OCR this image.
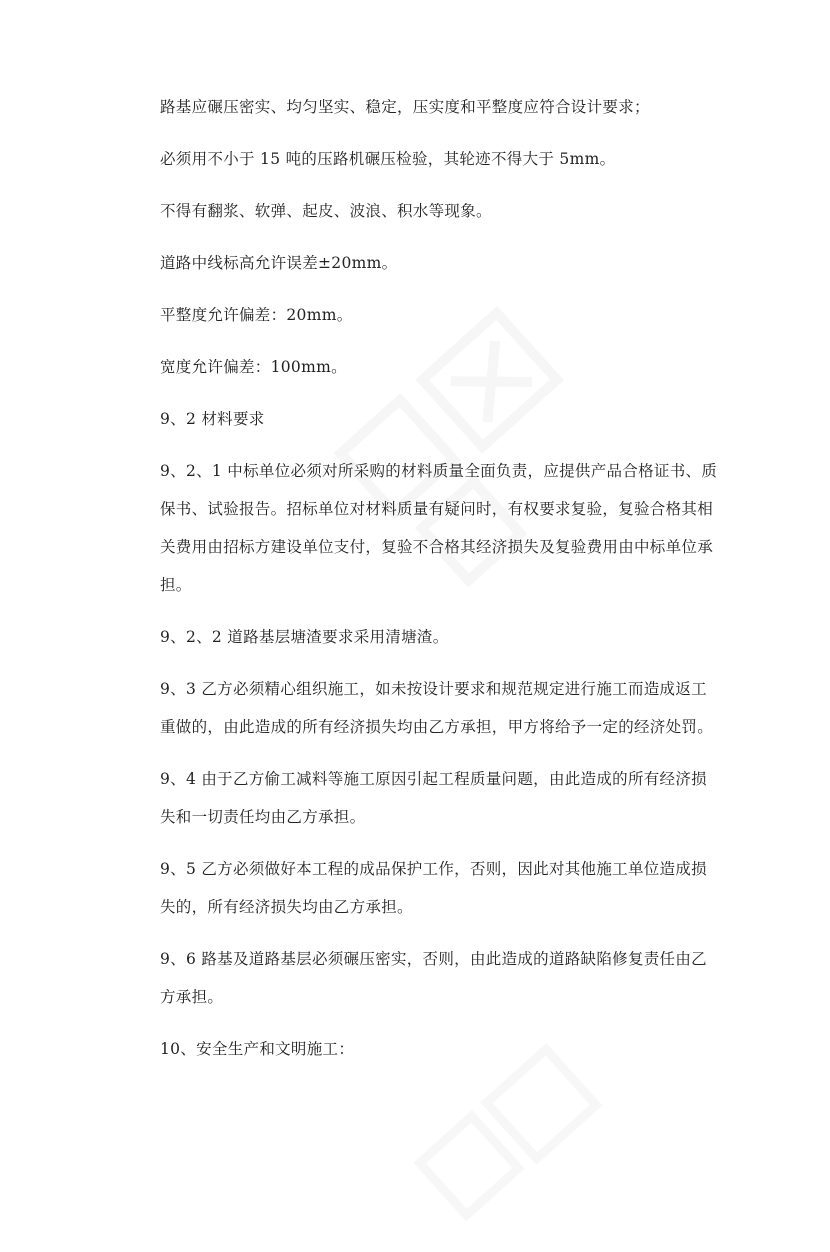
路基应碾压密实、均匀坚实、稳定，压实度和平整度应符合设计要求；

必须用不小于 15 吨的压路机碾压检验，其轮迹不得大于 5mm。

不得有翻浆、软弹、起皮、波浪、积水等现象。

道路中线标高允许误差±20mm。

平整度允许偏差：20mm。

宽度允许偏差：100mm。

9、2 材料要求

9、2、1 中标单位必须对所采购的材料质量全面负责，应提供产品合格证书、质保书、试验报告。招标单位对材料质量有疑问时，有权要求复验，复验合格其相关费用由招标方建设单位支付，复验不合格其经济损失及复验费用由中标单位承担。

9、2、2 道路基层塘渣要求采用清塘渣。

9、3 乙方必须精心组织施工，如未按设计要求和规范规定进行施工而造成返工重做的，由此造成的所有经济损失均由乙方承担，甲方将给予一定的经济处罚。

9、4 由于乙方偷工减料等施工原因引起工程质量问题，由此造成的所有经济损失和一切责任均由乙方承担。

9、5 乙方必须做好本工程的成品保护工作，否则，因此对其他施工单位造成损失的，所有经济损失均由乙方承担。

9、6 路基及道路基层必须碾压密实，否则，由此造成的道路缺陷修复责任由乙方承担。

10、安全生产和文明施工：
